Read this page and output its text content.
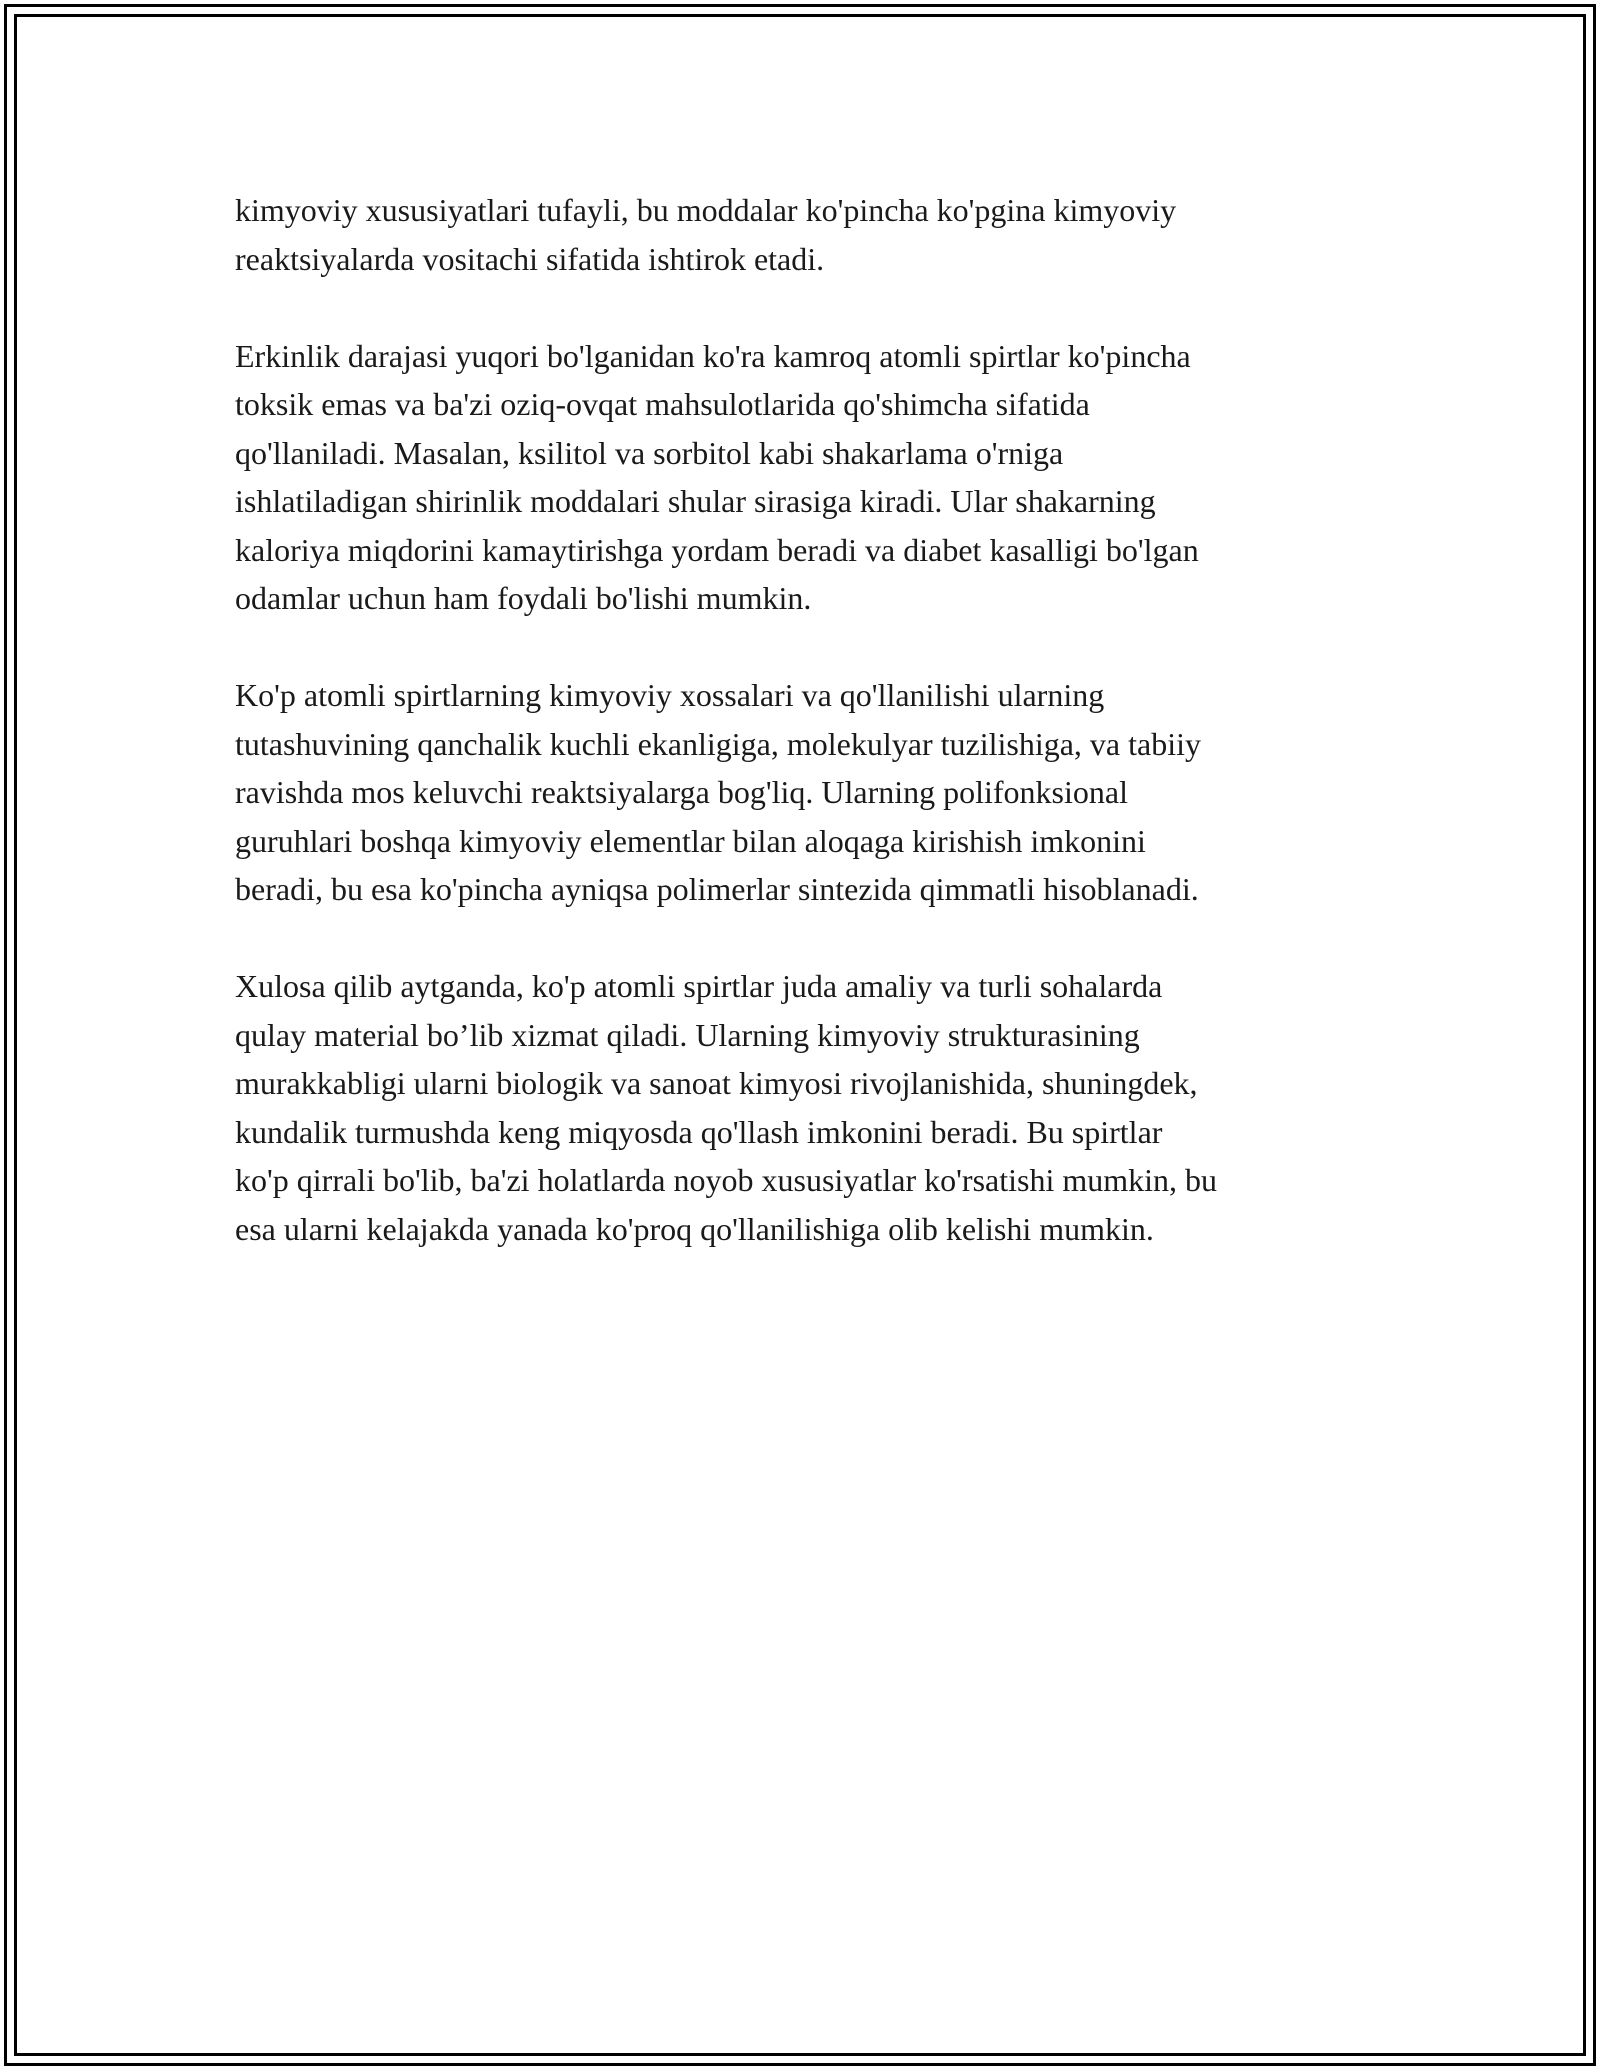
kimyoviy xususiyatlari tufayli, bu moddalar ko'pincha ko'pgina kimyoviy
reaktsiyalarda vositachi sifatida ishtirok etadi.

Erkinlik darajasi yuqori bo'lganidan ko'ra kamroq atomli spirtlar ko'pincha
toksik emas va ba'zi oziq-ovqat mahsulotlarida qo'shimcha sifatida
qo'llaniladi. Masalan, ksilitol va sorbitol kabi shakarlama o'rniga
ishlatiladigan shirinlik moddalari shular sirasiga kiradi. Ular shakarning
kaloriya miqdorini kamaytirishga yordam beradi va diabet kasalligi bo'lgan
odamlar uchun ham foydali bo'lishi mumkin.

Ko'p atomli spirtlarning kimyoviy xossalari va qo'llanilishi ularning
tutashuvining qanchalik kuchli ekanligiga, molekulyar tuzilishiga, va tabiiy
ravishda mos keluvchi reaktsiyalarga bog'liq. Ularning polifonksional
guruhlari boshqa kimyoviy elementlar bilan aloqaga kirishish imkonini
beradi, bu esa ko'pincha ayniqsa polimerlar sintezida qimmatli hisoblanadi.

Xulosa qilib aytganda, ko'p atomli spirtlar juda amaliy va turli sohalarda
qulay material bo’lib xizmat qiladi. Ularning kimyoviy strukturasining
murakkabligi ularni biologik va sanoat kimyosi rivojlanishida, shuningdek,
kundalik turmushda keng miqyosda qo'llash imkonini beradi. Bu spirtlar
ko'p qirrali bo'lib, ba'zi holatlarda noyob xususiyatlar ko'rsatishi mumkin, bu
esa ularni kelajakda yanada ko'proq qo'llanilishiga olib kelishi mumkin.
